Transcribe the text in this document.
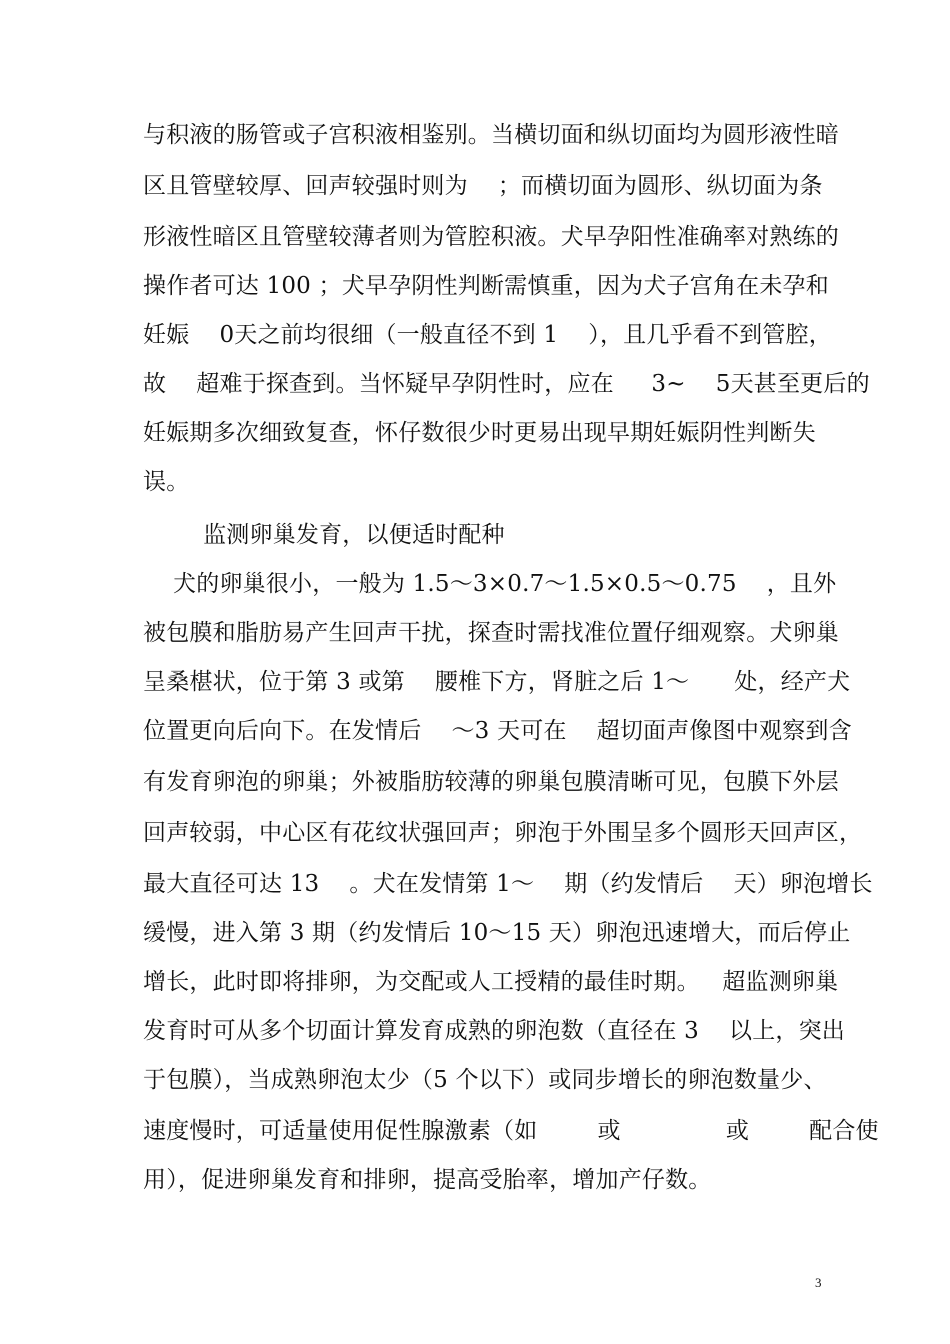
与积液的肠管或子宫积液相鉴别。当横切面和纵切面均为圆形液性暗
区且管壁较厚、回声较强时则为    ；而横切面为圆形、纵切面为条
形液性暗区且管壁较薄者则为管腔积液。犬早孕阳性准确率对熟练的
操作者可达 100 ；犬早孕阴性判断需慎重，因为犬子宫角在未孕和
妊娠    0天之前均很细（一般直径不到 1    ），且几乎看不到管腔，
故    超难于探查到。当怀疑早孕阴性时，应在     3~    5天甚至更后的
妊娠期多次细致复查，怀仔数很少时更易出现早期妊娠阴性判断失
误。
监测卵巢发育，以便适时配种
犬的卵巢很小，一般为 1.5～3×0.7～1.5×0.5～0.75    ，且外
被包膜和脂肪易产生回声干扰，探查时需找准位置仔细观察。犬卵巢
呈桑椹状，位于第 3 或第    腰椎下方，肾脏之后 1～      处，经产犬
位置更向后向下。在发情后    ～3 天可在    超切面声像图中观察到含
有发育卵泡的卵巢；外被脂肪较薄的卵巢包膜清晰可见，包膜下外层
回声较弱，中心区有花纹状强回声；卵泡于外围呈多个圆形天回声区，
最大直径可达 13    。犬在发情第 1～    期（约发情后    天）卵泡增长
缓慢，进入第 3 期（约发情后 10～15 天）卵泡迅速增大，而后停止
增长，此时即将排卵，为交配或人工授精的最佳时期。   超监测卵巢
发育时可从多个切面计算发育成熟的卵泡数（直径在 3    以上，突出
于包膜），当成熟卵泡太少（5 个以下）或同步增长的卵泡数量少、
速度慢时，可适量使用促性腺激素（如        或              或        配合使
用），促进卵巢发育和排卵，提高受胎率，增加产仔数。
3
